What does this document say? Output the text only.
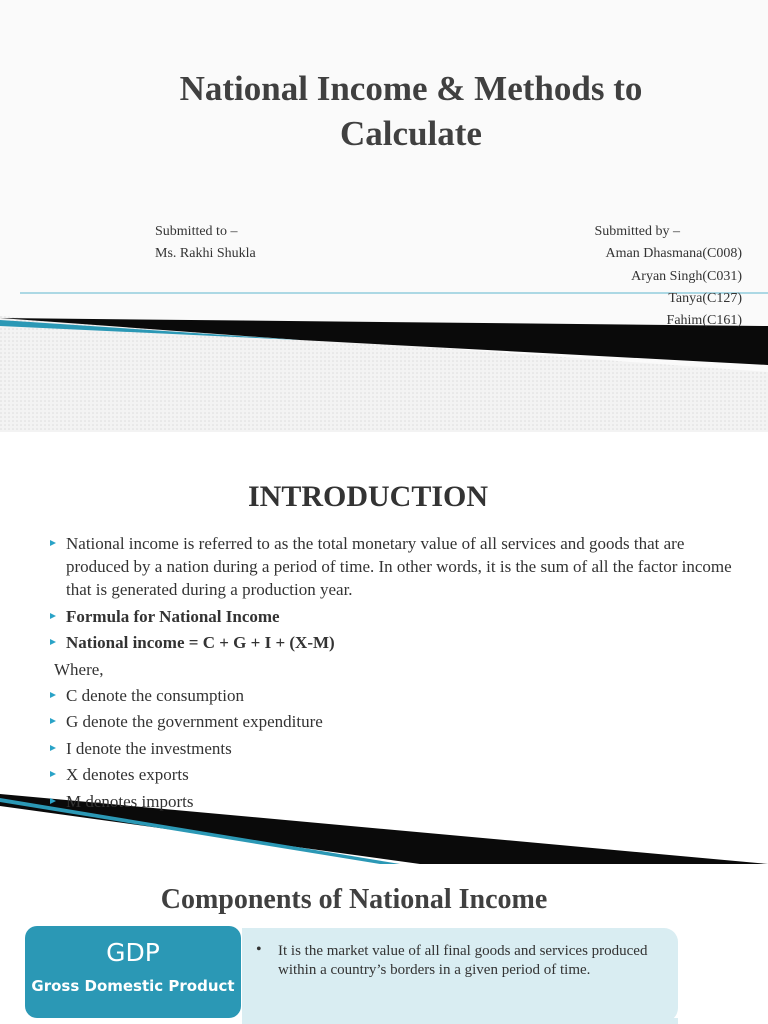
National Income & Methods to Calculate
Submitted to –
Ms. Rakhi Shukla
Submitted by –
Aman Dhasmana(C008)
Aryan Singh(C031)
Tanya(C127)
Fahim(C161)
INTRODUCTION
National income is referred to as the total monetary value of all services and goods that are produced by a nation during a period of time. In other words, it is the sum of all the factor income that is generated during a production year.
Formula for National Income
National income = C + G + I + (X-M)
Where,
C denote the consumption
G denote the government expenditure
I denote the investments
X denotes exports
M denotes imports
Components of National Income
GDP
Gross Domestic Product
• It is the market value of all final goods and services produced within a country’s borders in a given period of time.
